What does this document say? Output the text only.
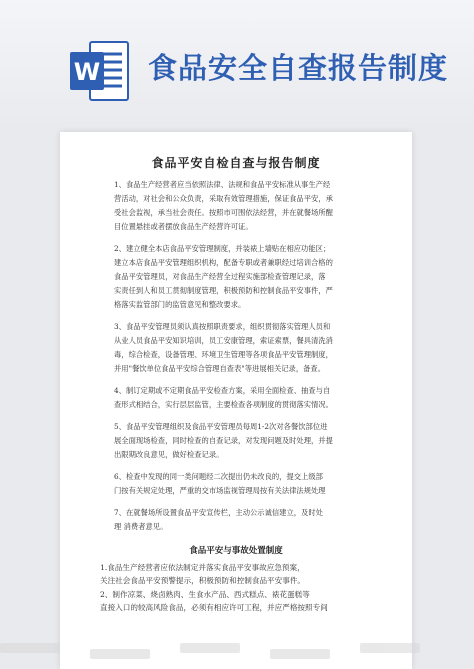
W 食品安全自查报告制度
食品平安自检自查与报告制度
1、食品生产经营者应当依照法律、法规和食品平安标准从事生产经
营活动，对社会和公众负责，采取有效管理措施，保证食品平安，承
受社会监视，承当社会责任。按照市可围依法经营，并在就餐场所醒
目位置悬挂或者摆放食品生产经营许可证。
2、建立健全本店食品平安管理制度，并装裱上墙贴在相应功能区；
建立本店食品平安管理组织机构，配备专职或者兼职经过培训合格的
食品平安管理员，对食品生产经营全过程实施部检查管理记录，落
实责任到人和员工贯彻制度管理，积极预防和控制食品平安事件，严
格落实监管部门的监管意见和整改要求。
3、食品平安管理员须认真按照职责要求，组织贯彻落实管理人员和
从业人员食品平安知识培训，员工安康管理，索证索票，餐具清洗消
毒，综合检查，设备管理、环境卫生管理等各项食品平安管理制度，
并用"餐饮单位食品平安综合管理自查表"等进展相关记录，备查。
4、制订定期或不定期食品平安检查方案，采用全面检查、抽查与自
查形式相结合，实行层层监管，主要检查各项制度的贯彻落实情况。
5、食品平安管理组织及食品平安管理员每周1-2次对各餐饮部位进
展全面现场检查，同时检查的自查记录，对发现问题及时处理，并提
出限期改良意见，做好检查记录。
6、检查中发现的同一类问题经二次提出仍未改良的，提交上级部
门按有关规定处理，严重的交市场监视管理局按有关法律法规处理
7、在就餐场所设置食品平安宣传栏，主动公示诚信建立，及时处
理 消费者意见。
食品平安与事故处置制度
1.食品生产经营者应依法制定并落实食品平安事故应急预案，
关注社会食品平安预警提示，积极预防和控制食品平安事件。
2、制作凉菜、烧卤熟肉、生食水产品、西式糕点、裱花蛋糕等
直接入口的较高风险食品，必须有相应许可工程，并应严格按照专间
